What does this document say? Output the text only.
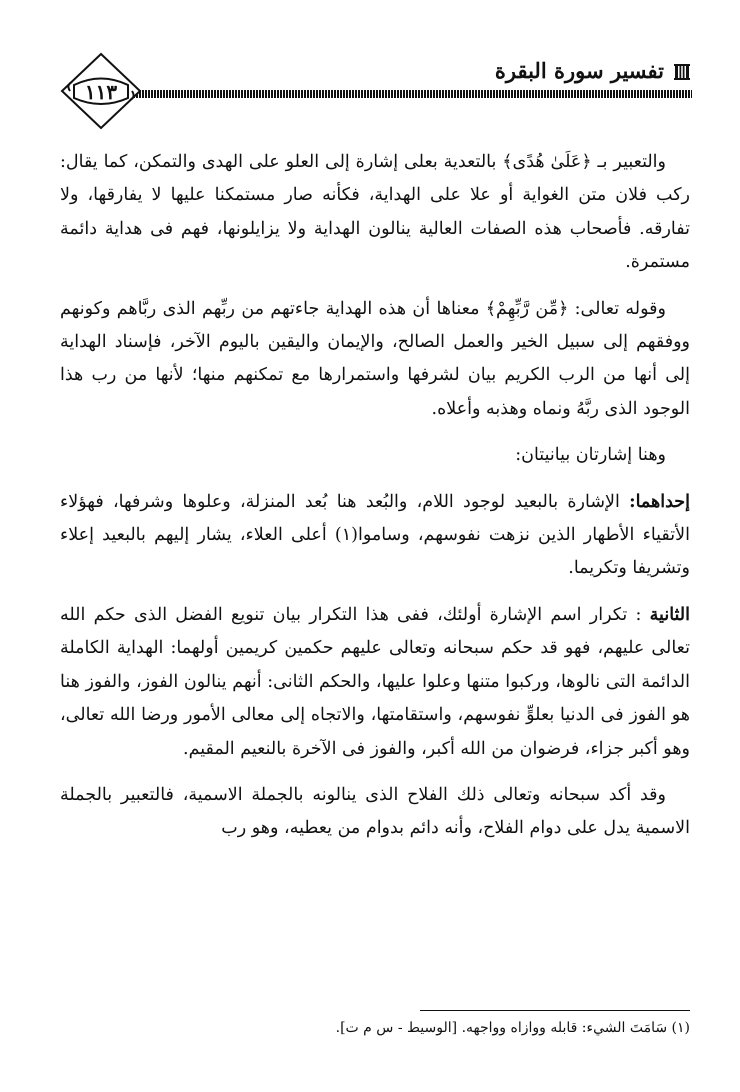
تفسير سورة البقرة
١١٣

والتعبير بـ ﴿عَلَىٰ هُدًى﴾ بالتعدية بعلى إشارة إلى العلو على الهدى والتمكن، كما يقال: ركب فلان متن الغواية أو علا على الهداية، فكأنه صار مستمكنا عليها لا يفارقها، ولا تفارقه. فأصحاب هذه الصفات العالية ينالون الهداية ولا يزايلونها، فهم فى هداية دائمة مستمرة.

وقوله تعالى: ﴿مِّن رَّبِّهِمْ﴾ معناها أن هذه الهداية جاءتهم من ربِّهم الذى ربَّاهم وكونهم ووفقهم إلى سبيل الخير والعمل الصالح، والإيمان واليقين باليوم الآخر، فإسناد الهداية إلى أنها من الرب الكريم بيان لشرفها واستمرارها مع تمكنهم منها؛ لأنها من رب هذا الوجود الذى ربَّهُ ونماه وهذبه وأعلاه.

وهنا إشارتان بيانيتان:

إحداهما: الإشارة بالبعيد لوجود اللام، والبُعد هنا بُعد المنزلة، وعلوها وشرفها، فهؤلاء الأتقياء الأطهار الذين نزهت نفوسهم، وساموا(١) أعلى العلاء، يشار إليهم بالبعيد إعلاء وتشريفا وتكريما.

الثانية : تكرار اسم الإشارة أولئك، ففى هذا التكرار بيان تنويع الفضل الذى حكم الله تعالى عليهم، فهو قد حكم سبحانه وتعالى عليهم حكمين كريمين أولهما: الهداية الكاملة الدائمة التى نالوها، وركبوا متنها وعلوا عليها، والحكم الثانى: أنهم ينالون الفوز، والفوز هنا هو الفوز فى الدنيا بعلوٍّ نفوسهم، واستقامتها، والاتجاه إلى معالى الأمور ورضا الله تعالى، وهو أكبر جزاء، فرضوان من الله أكبر، والفوز فى الآخرة بالنعيم المقيم.

وقد أكد سبحانه وتعالى ذلك الفلاح الذى ينالونه بالجملة الاسمية، فالتعبير بالجملة الاسمية يدل على دوام الفلاح، وأنه دائم بدوام من يعطيه، وهو رب

(١) سَامَتَ الشيء: قابله ووازاه وواجهه. [الوسيط - س م ت].
